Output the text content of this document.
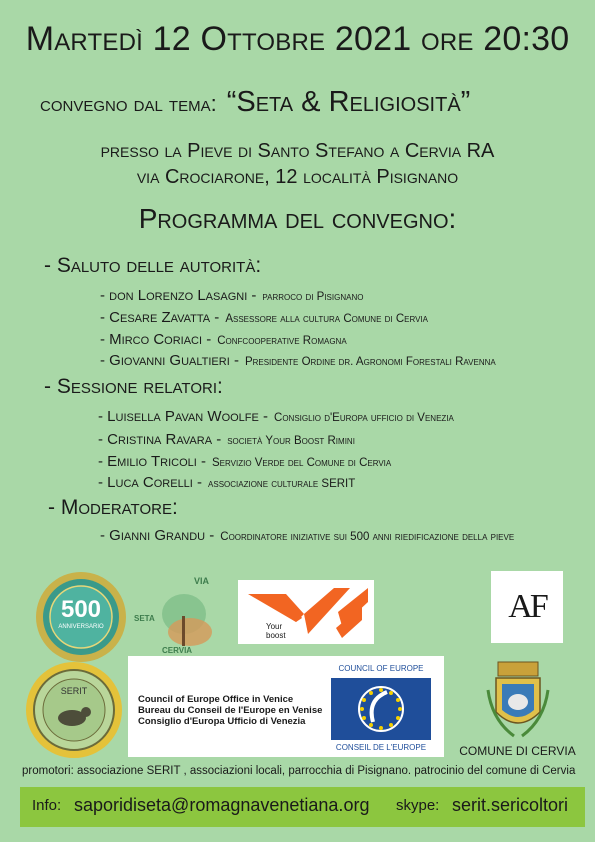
Martedì 12 Ottobre 2021 ore 20:30
convegno dal tema: “Seta & Religiosità”
presso la Pieve di Santo Stefano a Cervia RA
via Crociarone, 12 località Pisignano
Programma del convegno:
- Saluto delle autorità:
- don Lorenzo Lasagni - parroco di Pisignano
- Cesare Zavatta - Assessore alla cultura Comune di Cervia
- Mirco Coriaci - Confcooperative Romagna
- Giovanni Gualtieri - Presidente Ordine dr. Agronomi Forestali Ravenna
- Sessione relatori:
- Luisella Pavan Woolfe - Consiglio d'Europa ufficio di Venezia
- Cristina Ravara - società Your Boost Rimini
- Emilio Tricoli - Servizio Verde del Comune di Cervia
- Luca Corelli - associazione culturale SERIT
- Moderatore:
- Gianni Grandu - Coordinatore iniziative sui 500 anni riedificazione della pieve
500
ANNIVERSARIO
VIA
SETA
CERVIA
Your boost
AF
SERIT
Council of Europe Office in Venice
Bureau du Conseil de l'Europe en Venise
Consiglio d'Europa Ufficio di Venezia
COUNCIL OF EUROPE
CONSEIL DE L'EUROPE	COMUNE DI CERVIA
promotori: associazione SERIT , associazioni locali, parrocchia di Pisignano. patrocinio del comune di Cervia
Info: saporidiseta@romagnavenetiana.org skype: serit.sericoltori
